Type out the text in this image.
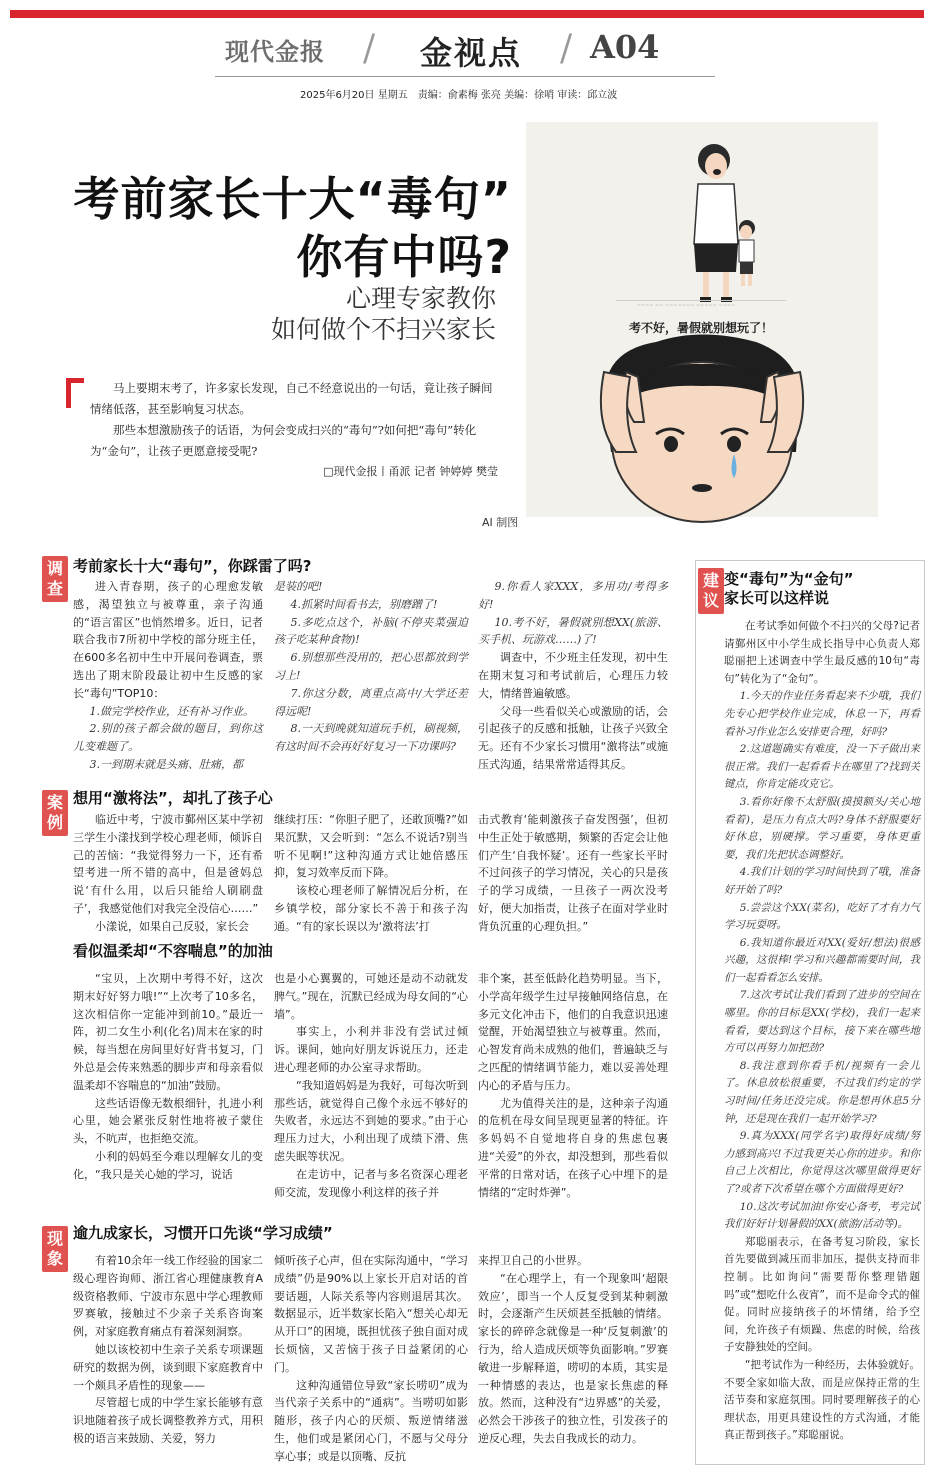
现代金报 / 金视点 / A04
2025年6月20日 星期五　责编：俞素梅 张亮 美编：徐哨 审读：邱立波
~~~~ ~~ ~~~~~~~ ~~~~~ ~~~~
考不好，暑假就别想玩了！
AI 制图
考前家长十大“毒句”
你有中吗?
心理专家教你
如何做个不扫兴家长

马上要期末考了，许多家长发现，自己不经意说出的一句话，竟让孩子瞬间情绪低落，甚至影响复习状态。

那些本想激励孩子的话语，为何会变成扫兴的“毒句”?如何把“毒句”转化为“金句”，让孩子更愿意接受呢?

□现代金报丨甬派 记者 钟婷婷 樊莹
调
查
考前家长十大“毒句”，你踩雷了吗?

进入青春期，孩子的心理愈发敏感，渴望独立与被尊重，亲子沟通的“语言雷区”也悄然增多。近日，记者联合我市7所初中学校的部分班主任，在600多名初中生中开展问卷调查，票选出了期末阶段最让初中生反感的家长“毒句”TOP10：

1.做完学校作业，还有补习作业。

2.别的孩子都会做的题目，到你这儿变难题了。

3.一到期末就是头痛、肚痛，都

是装的吧!

4.抓紧时间看书去，别磨蹭了!

5.多吃点这个，补脑(不停夹菜强迫孩子吃某种食物)!

6.别想那些没用的，把心思都放到学习上!

7.你这分数，离重点高中/大学还差得远呢!

8.一天到晚就知道玩手机，刷视频，有这时间不会再好好复习一下功课吗?

9.你看人家XXX，多用功/考得多好!

10.考不好，暑假就别想XX(旅游、买手机、玩游戏……)了!

调查中，不少班主任发现，初中生在期末复习和考试前后，心理压力较大，情绪普遍敏感。

父母一些看似关心或激励的话，会引起孩子的反感和抵触，让孩子兴致全无。还有不少家长习惯用“激将法”或施压式沟通，结果常常适得其反。

案
例
想用“激将法”，却扎了孩子心

临近中考，宁波市鄞州区某中学初三学生小漾找到学校心理老师，倾诉自己的苦恼：“我觉得努力一下，还有希望考进一所不错的高中，但是爸妈总说‘有什么用，以后只能给人刷刷盘子’，我感觉他们对我完全没信心……”

小漾说，如果自己反驳，家长会

继续打压：“你胆子肥了，还敢顶嘴?”如果沉默，又会听到：“怎么不说话?别当听不见啊!”这种沟通方式让她倍感压抑，复习效率反而下降。

该校心理老师了解情况后分析，在乡镇学校，部分家长不善于和孩子沟通。“有的家长误以为‘激将法’打

击式教育‘能刺激孩子奋发图强’，但初中生正处于敏感期，频繁的否定会让他们产生‘自我怀疑’。还有一些家长平时不过问孩子的学习情况，关心的只是孩子的学习成绩，一旦孩子一两次没考好，便大加指责，让孩子在面对学业时背负沉重的心理负担。”

看似温柔却“不容喘息”的加油

“宝贝，上次期中考得不好，这次期末好好努力哦!”“上次考了10多名，这次相信你一定能冲到前10。”最近一阵，初二女生小利(化名)周末在家的时候，每当想在房间里好好背书复习，门外总是会传来熟悉的脚步声和母亲看似温柔却不容喘息的“加油”鼓励。

这些话语像无数根细针，扎进小利心里，她会紧张反射性地将被子蒙住头，不吭声，也拒绝交流。

小利的妈妈至今难以理解女儿的变化，“我只是关心她的学习，说话

也是小心翼翼的，可她还是动不动就发脾气。”现在，沉默已经成为母女间的“心墙”。

事实上，小利并非没有尝试过倾诉。课间，她向好朋友诉说压力，还走进心理老师的办公室寻求帮助。

“我知道妈妈是为我好，可每次听到那些话，就觉得自己像个永远不够好的失败者，永远达不到她的要求。”由于心理压力过大，小利出现了成绩下滑、焦虑失眠等状况。

在走访中，记者与多名资深心理老师交流，发现像小利这样的孩子并

非个案，甚至低龄化趋势明显。当下，小学高年级学生过早接触网络信息，在多元文化冲击下，他们的自我意识迅速觉醒，开始渴望独立与被尊重。然而，心智发育尚未成熟的他们，普遍缺乏与之匹配的情绪调节能力，难以妥善处理内心的矛盾与压力。

尤为值得关注的是，这种亲子沟通的危机在母女间呈现更显著的特征。许多妈妈不自觉地将自身的焦虑包裹进“关爱”的外衣，却没想到，那些看似平常的日常对话，在孩子心中埋下的是情绪的“定时炸弹”。

现
象
逾九成家长，习惯开口先谈“学习成绩”

有着10余年一线工作经验的国家二级心理咨询师、浙江省心理健康教育A级资格教师、宁波市东恩中学心理教师罗赛敏，接触过不少亲子关系咨询案例，对家庭教育痛点有着深刻洞察。

她以该校初中生亲子关系专项课题研究的数据为例，谈到眼下家庭教育中一个颇具矛盾性的现象——

尽管超七成的中学生家长能够有意识地随着孩子成长调整教养方式，用积极的语言来鼓励、关爱，努力

倾听孩子心声，但在实际沟通中，“学习成绩”仍是90%以上家长开启对话的首要话题，人际关系等内容则退居其次。数据显示，近半数家长陷入“想关心却无从开口”的困境，既担忧孩子独自面对成长烦恼，又苦恼于孩子日益紧闭的心门。

这种沟通错位导致“家长唠叨”成为当代亲子关系中的“通病”。当唠叨如影随形，孩子内心的厌烦、叛逆情绪滋生，他们或是紧闭心门，不愿与父母分享心事；或是以顶嘴、反抗

来捍卫自己的小世界。

“在心理学上，有一个现象叫‘超限效应’，即当一个人反复受到某种刺激时，会逐渐产生厌烦甚至抵触的情绪。家长的碎碎念就像是一种‘反复刺激’的行为，给人造成厌烦等负面影响。”罗赛敏进一步解释道，唠叨的本质，其实是一种情感的表达，也是家长焦虑的释放。然而，这种没有“边界感”的关爱，必然会干涉孩子的独立性，引发孩子的逆反心理，失去自我成长的动力。

建
议
变“毒句”为“金句”
家长可以这样说

在考试季如何做个不扫兴的父母?记者请鄞州区中小学生成长指导中心负责人郑聪丽把上述调查中学生最反感的10句“毒句”转化为了“金句”。

1.今天的作业任务看起来不少哦，我们先专心把学校作业完成，休息一下，再看看补习作业怎么安排更合理，好吗?

2.这道题确实有难度，没一下子做出来很正常。我们一起看看卡在哪里了?找到关键点，你肯定能攻克它。

3.看你好像不太舒服(摸摸额头/关心地看着)，是压力有点大吗?身体不舒服要好好休息，别硬撑。学习重要，身体更重要，我们先把状态调整好。

4.我们计划的学习时间快到了哦，准备好开始了吗?

5.尝尝这个XX(菜名)，吃好了才有力气学习玩耍呀。

6.我知道你最近对XX(爱好/想法)很感兴趣，这很棒!学习和兴趣都需要时间，我们一起看看怎么安排。

7.这次考试让我们看到了进步的空间在哪里。你的目标是XX(学校)，我们一起来看看，要达到这个目标，接下来在哪些地方可以再努力加把劲?

8.我注意到你看手机/视频有一会儿了。休息放松很重要，不过我们约定的学习时间/任务还没完成。你是想再休息5分钟，还是现在我们一起开始学习?

9.真为XXX(同学名字)取得好成绩/努力感到高兴!不过我更关心你的进步。和你自己上次相比，你觉得这次哪里做得更好了?或者下次希望在哪个方面做得更好?

10.这次考试加油!你安心备考，考完试我们好好计划暑假的XX(旅游/活动等)。

郑聪丽表示，在备考复习阶段，家长首先要做到减压而非加压，提供支持而非控制。比如询问“需要帮你整理错题吗”或“想吃什么夜宵”，而不是命令式的催促。同时应接纳孩子的坏情绪，给予空间，允许孩子有烦躁、焦虑的时候，给孩子安静独处的空间。

“把考试作为一种经历，去体验就好。不要全家如临大敌，而是应保持正常的生活节奏和家庭氛围。同时要理解孩子的心理状态，用更具建设性的方式沟通，才能真正帮到孩子。”郑聪丽说。
